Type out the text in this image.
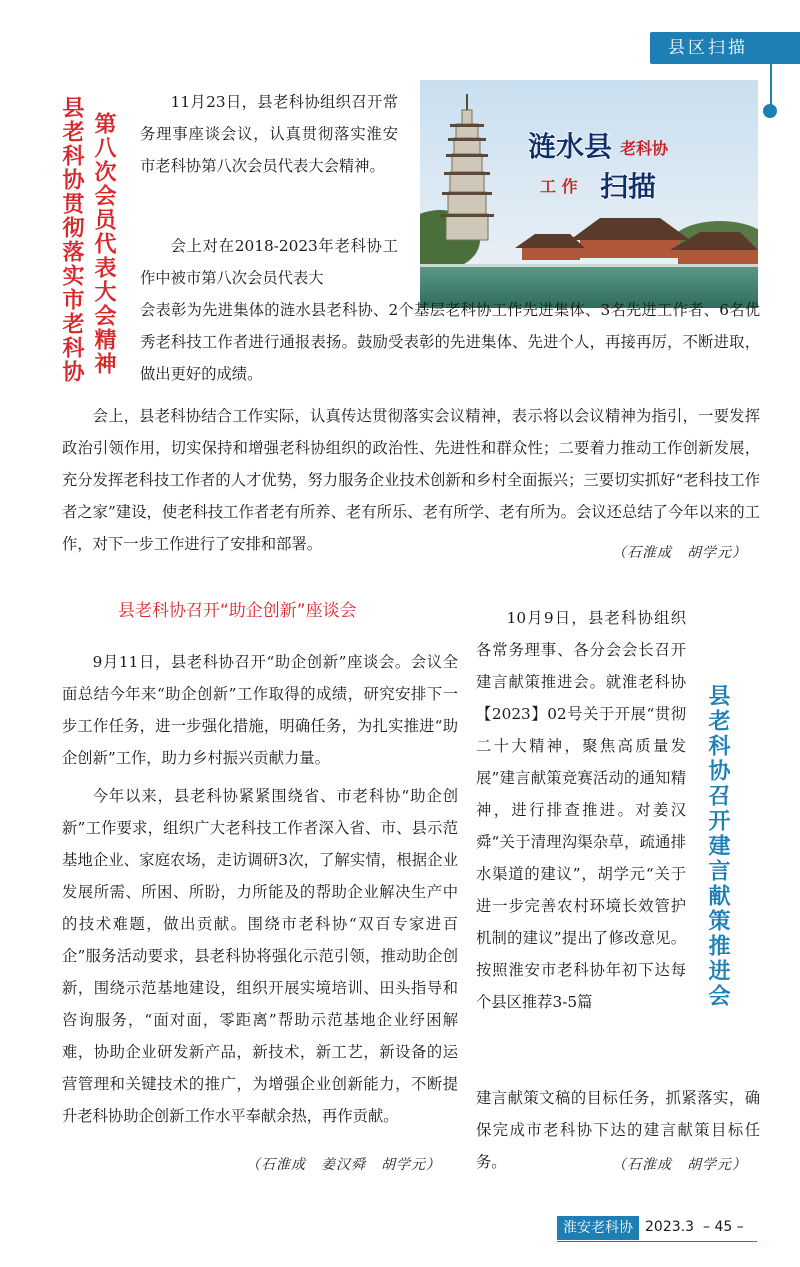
县区扫描
第八次会员代表大会精神
县老科协贯彻落实市老科协	涟水县 老科协
工 作 扫描
11月23日，县老科协组织召开常务理事座谈会议，认真贯彻落实淮安市老科协第八次会员代表大会精神。
会上对在2018-2023年老科协工作中被市第八次会员代表大
会表彰为先进集体的涟水县老科协、2个基层老科协工作先进集体、3名先进工作者、6名优秀老科技工作者进行通报表扬。鼓励受表彰的先进集体、先进个人，再接再厉，不断进取，做出更好的成绩。
会上，县老科协结合工作实际，认真传达贯彻落实会议精神，表示将以会议精神为指引，一要发挥政治引领作用，切实保持和增强老科协组织的政治性、先进性和群众性；二要着力推动工作创新发展，充分发挥老科技工作者的人才优势，努力服务企业技术创新和乡村全面振兴；三要切实抓好“老科技工作者之家”建设，使老科技工作者老有所养、老有所乐、老有所学、老有所为。会议还总结了今年以来的工作，对下一步工作进行了安排和部署。	（石淮成　胡学元）
县老科协召开“助企创新”座谈会
9月11日，县老科协召开“助企创新”座谈会。会议全面总结今年来“助企创新”工作取得的成绩，研究安排下一步工作任务，进一步强化措施，明确任务，为扎实推进“助企创新”工作，助力乡村振兴贡献力量。
今年以来，县老科协紧紧围绕省、市老科协“助企创新”工作要求，组织广大老科技工作者深入省、市、县示范基地企业、家庭农场，走访调研3次，了解实情，根据企业发展所需、所困、所盼，力所能及的帮助企业解决生产中的技术难题，做出贡献。围绕市老科协“双百专家进百企”服务活动要求，县老科协将强化示范引领，推动助企创新，围绕示范基地建设，组织开展实境培训、田头指导和咨询服务，“面对面，零距离”帮助示范基地企业纾困解难，协助企业研发新产品，新技术，新工艺，新设备的运营管理和关键技术的推广，为增强企业创新能力，不断提升老科协助企创新工作水平奉献余热，再作贡献。
（石淮成　姜汉舜　胡学元）
县老科协召开建言献策推进会
10月9日，县老科协组织各常务理事、各分会会长召开建言献策推进会。就淮老科协【2023】02号关于开展“贯彻二十大精神，聚焦高质量发展”建言献策竞赛活动的通知精神，进行排查推进。对姜汉舜“关于清理沟渠杂草，疏通排水渠道的建议”，胡学元“关于进一步完善农村环境长效管护机制的建议”提出了修改意见。按照淮安市老科协年初下达每个县区推荐3-5篇
建言献策文稿的目标任务，抓紧落实，确保完成市老科协下达的建言献策目标任务。	（石淮成　胡学元）
淮安老科协 2023.3 – 45 –
